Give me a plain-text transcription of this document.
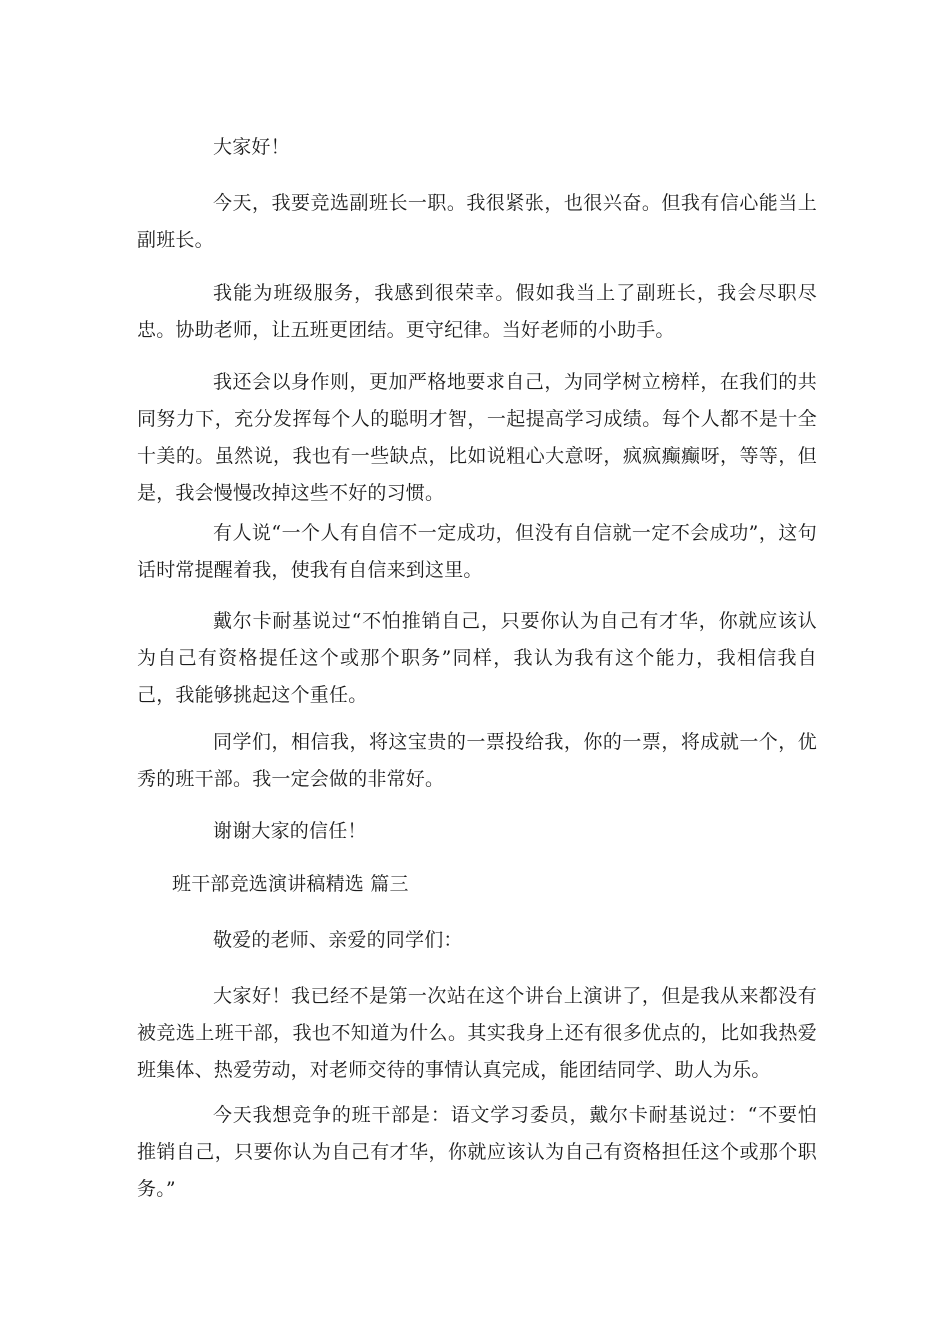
大家好！

今天，我要竞选副班长一职。我很紧张，也很兴奋。但我有信心能当上副班长。

我能为班级服务，我感到很荣幸。假如我当上了副班长，我会尽职尽忠。协助老师，让五班更团结。更守纪律。当好老师的小助手。

我还会以身作则，更加严格地要求自己，为同学树立榜样，在我们的共同努力下，充分发挥每个人的聪明才智，一起提高学习成绩。每个人都不是十全十美的。虽然说，我也有一些缺点，比如说粗心大意呀，疯疯癫癫呀，等等，但是，我会慢慢改掉这些不好的习惯。

有人说“一个人有自信不一定成功，但没有自信就一定不会成功”，这句话时常提醒着我，使我有自信来到这里。

戴尔卡耐基说过“不怕推销自己，只要你认为自己有才华，你就应该认为自己有资格提任这个或那个职务”同样，我认为我有这个能力，我相信我自己，我能够挑起这个重任。

同学们，相信我，将这宝贵的一票投给我，你的一票，将成就一个，优秀的班干部。我一定会做的非常好。

谢谢大家的信任！

班干部竞选演讲稿精选 篇三

敬爱的老师、亲爱的同学们：

大家好！我已经不是第一次站在这个讲台上演讲了，但是我从来都没有被竞选上班干部，我也不知道为什么。其实我身上还有很多优点的，比如我热爱班集体、热爱劳动，对老师交待的事情认真完成，能团结同学、助人为乐。

今天我想竞争的班干部是：语文学习委员，戴尔卡耐基说过：“不要怕推销自己，只要你认为自己有才华，你就应该认为自己有资格担任这个或那个职务。”
